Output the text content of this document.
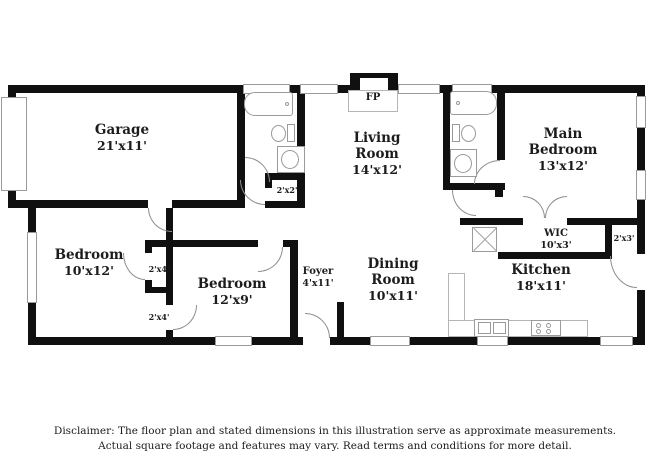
FP
Garage
21'x11'	Living Room
14'x12'
Main Bedroom
13'x12'
Bedroom
10'x12'
Bedroom
12'x9'
Foyer
4'x11'
Dining Room
10'x11'
Kitchen
18'x11'
WIC
10'x3'
2'x2'
2'x4'
2'x4'
2'x3'
Disclaimer: The floor plan and stated dimensions in this illustration serve as approximate measurements.
Actual square footage and features may vary. Read terms and conditions for more detail.
